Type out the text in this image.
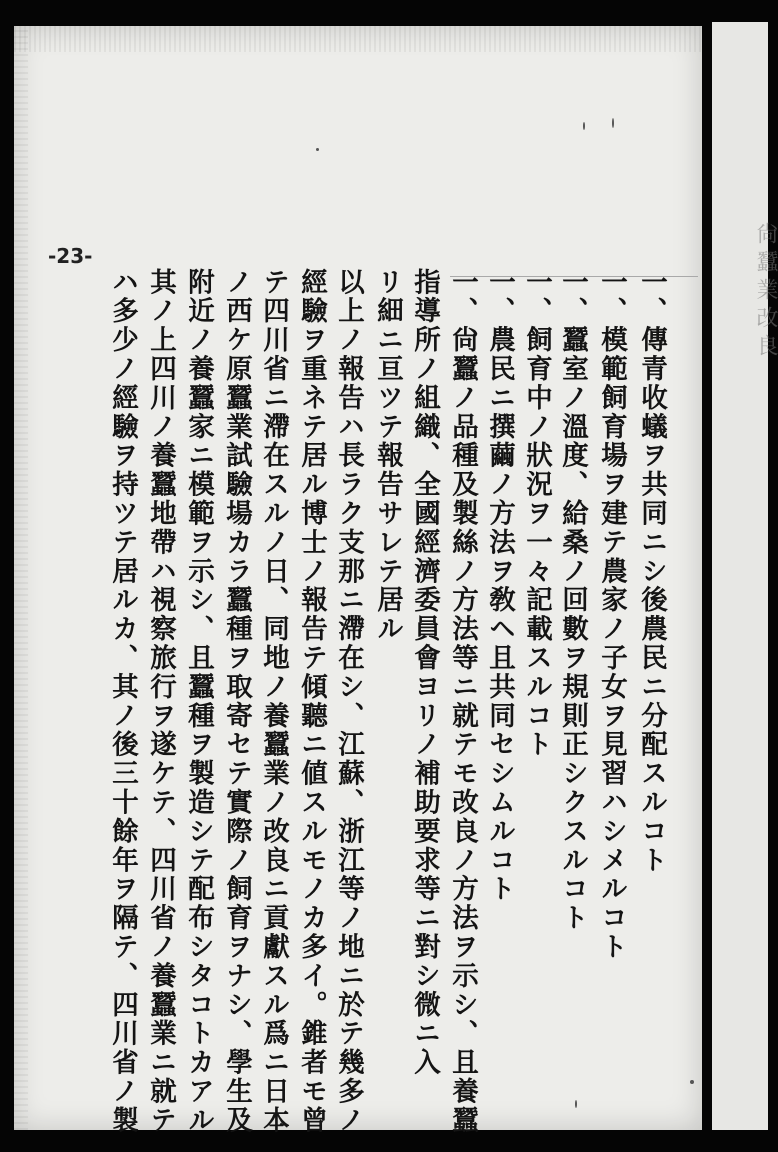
尙蠶業改良
-23-
一、傳青收蟻ヲ共同ニシ後農民ニ分配スルコト
一、模範飼育場ヲ建テ農家ノ子女ヲ見習ハシメルコト
一、蠶室ノ溫度、給桑ノ回數ヲ規則正シクスルコト
一、飼育中ノ狀況ヲ一々記載スルコト
一、農民ニ撰繭ノ方法ヲ敎ヘ且共同セシムルコト
一、尙蠶ノ品種及製絲ノ方法等ニ就テモ改良ノ方法ヲ示シ、且養蠶
指導所ノ組織、全國經濟委員會ヨリノ補助要求等ニ對シ微ニ入
リ細ニ亘ツテ報告サレテ居ル
以上ノ報告ハ長ラク支那ニ滯在シ、江蘇、浙江等ノ地ニ於テ幾多ノ
經驗ヲ重ネテ居ル博士ノ報告テ傾聽ニ値スルモノカ多イ。錐者モ曾
テ四川省ニ滯在スルノ日、同地ノ養蠶業ノ改良ニ貢獻スル爲ニ日本
ノ西ケ原蠶業試驗場カラ蠶種ヲ取寄セテ實際ノ飼育ヲナシ、學生及
附近ノ養蠶家ニ模範ヲ示シ、且蠶種ヲ製造シテ配布シタコトカアル
其ノ上四川ノ養蠶地帶ハ視察旅行ヲ遂ケテ、四川省ノ養蠶業ニ就テ
ハ多少ノ經驗ヲ持ツテ居ルカ、其ノ後三十餘年ヲ隔テ、四川省ノ製
